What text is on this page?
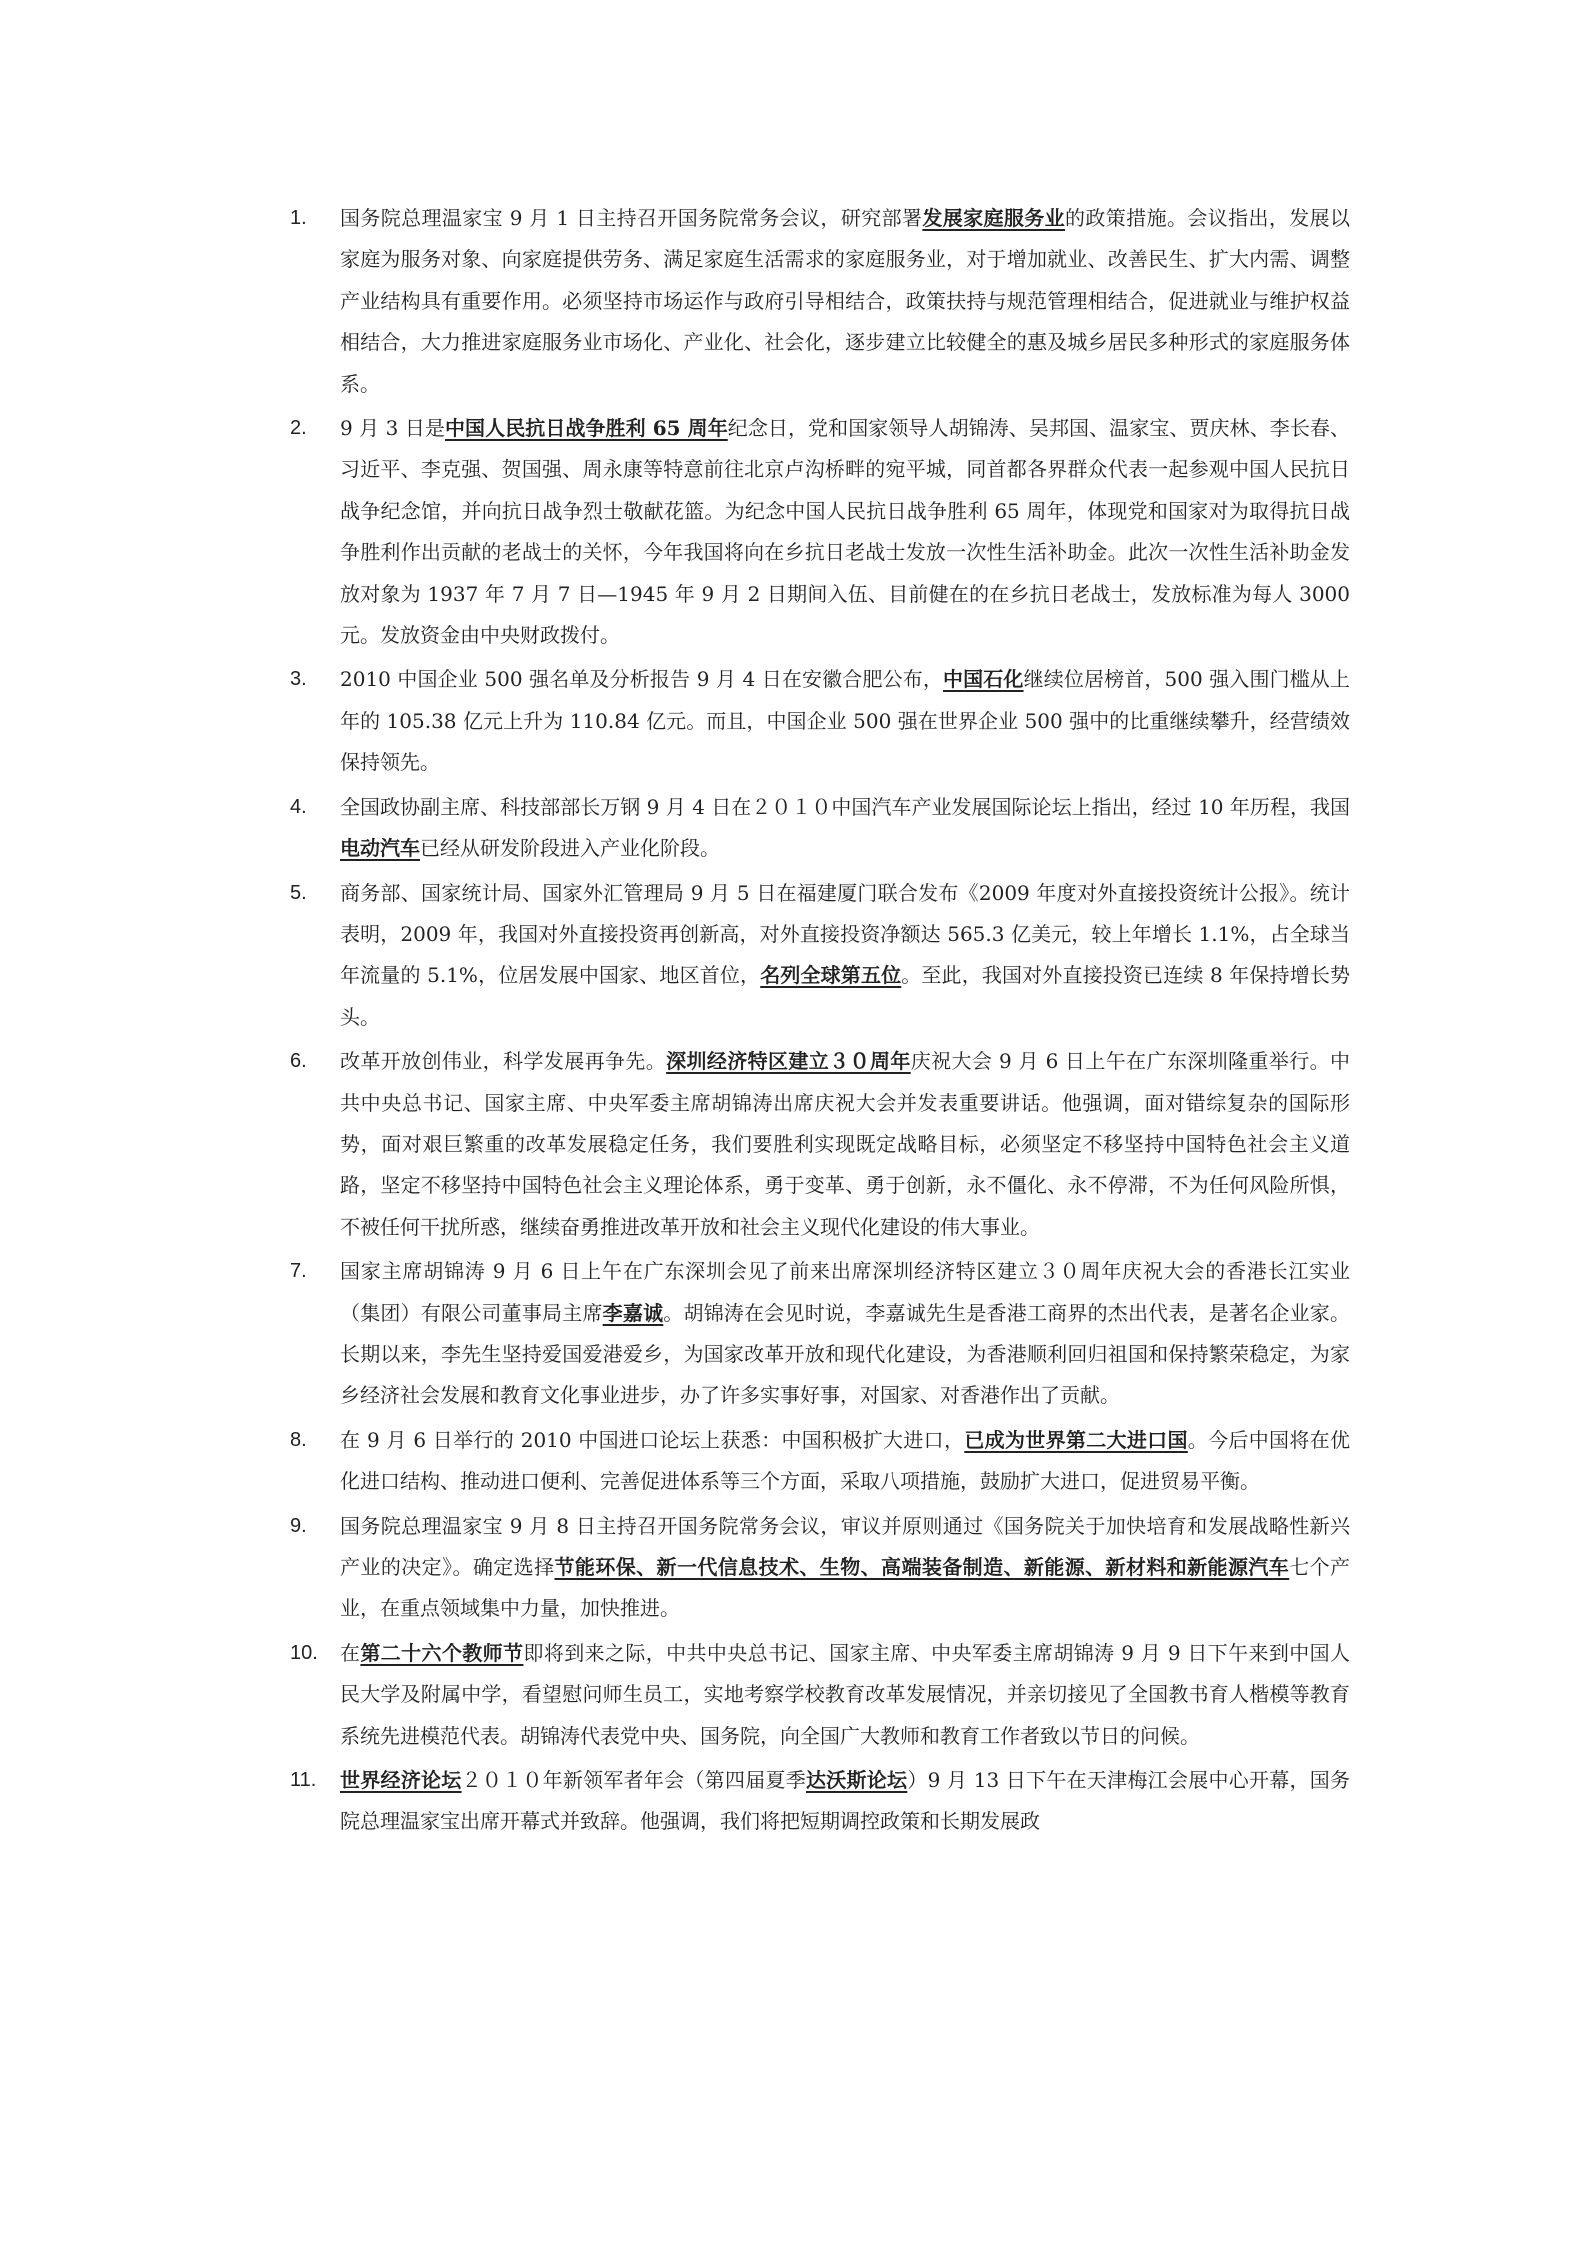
1. 国务院总理温家宝 9 月 1 日主持召开国务院常务会议，研究部署发展家庭服务业的政策措施。会议指出，发展以家庭为服务对象、向家庭提供劳务、满足家庭生活需求的家庭服务业，对于增加就业、改善民生、扩大内需、调整产业结构具有重要作用。必须坚持市场运作与政府引导相结合，政策扶持与规范管理相结合，促进就业与维护权益相结合，大力推进家庭服务业市场化、产业化、社会化，逐步建立比较健全的惠及城乡居民多种形式的家庭服务体系。
2. 9 月 3 日是中国人民抗日战争胜利 65 周年纪念日，党和国家领导人胡锦涛、吴邦国、温家宝、贾庆林、李长春、习近平、李克强、贺国强、周永康等特意前往北京卢沟桥畔的宛平城，同首都各界群众代表一起参观中国人民抗日战争纪念馆，并向抗日战争烈士敬献花篮。为纪念中国人民抗日战争胜利 65 周年，体现党和国家对为取得抗日战争胜利作出贡献的老战士的关怀，今年我国将向在乡抗日老战士发放一次性生活补助金。此次一次性生活补助金发放对象为 1937 年 7 月 7 日—1945 年 9 月 2 日期间入伍、目前健在的在乡抗日老战士，发放标准为每人 3000 元。发放资金由中央财政拨付。
3. 2010 中国企业 500 强名单及分析报告 9 月 4 日在安徽合肥公布，中国石化继续位居榜首，500 强入围门槛从上年的 105.38 亿元上升为 110.84 亿元。而且，中国企业 500 强在世界企业 500 强中的比重继续攀升，经营绩效保持领先。
4. 全国政协副主席、科技部部长万钢 9 月 4 日在２０１０中国汽车产业发展国际论坛上指出，经过 10 年历程，我国电动汽车已经从研发阶段进入产业化阶段。
5. 商务部、国家统计局、国家外汇管理局 9 月 5 日在福建厦门联合发布《2009 年度对外直接投资统计公报》。统计表明，2009 年，我国对外直接投资再创新高，对外直接投资净额达 565.3 亿美元，较上年增长 1.1%，占全球当年流量的 5.1%，位居发展中国家、地区首位，名列全球第五位。至此，我国对外直接投资已连续 8 年保持增长势头。
6. 改革开放创伟业，科学发展再争先。深圳经济特区建立３０周年庆祝大会 9 月 6 日上午在广东深圳隆重举行。中共中央总书记、国家主席、中央军委主席胡锦涛出席庆祝大会并发表重要讲话。他强调，面对错综复杂的国际形势，面对艰巨繁重的改革发展稳定任务，我们要胜利实现既定战略目标，必须坚定不移坚持中国特色社会主义道路，坚定不移坚持中国特色社会主义理论体系，勇于变革、勇于创新，永不僵化、永不停滞，不为任何风险所惧，不被任何干扰所惑，继续奋勇推进改革开放和社会主义现代化建设的伟大事业。
7. 国家主席胡锦涛 9 月 6 日上午在广东深圳会见了前来出席深圳经济特区建立３０周年庆祝大会的香港长江实业（集团）有限公司董事局主席李嘉诚。胡锦涛在会见时说，李嘉诚先生是香港工商界的杰出代表，是著名企业家。长期以来，李先生坚持爱国爱港爱乡，为国家改革开放和现代化建设，为香港顺利回归祖国和保持繁荣稳定，为家乡经济社会发展和教育文化事业进步，办了许多实事好事，对国家、对香港作出了贡献。
8. 在 9 月 6 日举行的 2010 中国进口论坛上获悉：中国积极扩大进口，已成为世界第二大进口国。今后中国将在优化进口结构、推动进口便利、完善促进体系等三个方面，采取八项措施，鼓励扩大进口，促进贸易平衡。
9. 国务院总理温家宝 9 月 8 日主持召开国务院常务会议，审议并原则通过《国务院关于加快培育和发展战略性新兴产业的决定》。确定选择节能环保、新一代信息技术、生物、高端装备制造、新能源、新材料和新能源汽车七个产业，在重点领域集中力量，加快推进。
10. 在第二十六个教师节即将到来之际，中共中央总书记、国家主席、中央军委主席胡锦涛 9 月 9 日下午来到中国人民大学及附属中学，看望慰问师生员工，实地考察学校教育改革发展情况，并亲切接见了全国教书育人楷模等教育系统先进模范代表。胡锦涛代表党中央、国务院，向全国广大教师和教育工作者致以节日的问候。
11. 世界经济论坛２０１０年新领军者年会（第四届夏季达沃斯论坛）9 月 13 日下午在天津梅江会展中心开幕，国务院总理温家宝出席开幕式并致辞。他强调，我们将把短期调控政策和长期发展政
